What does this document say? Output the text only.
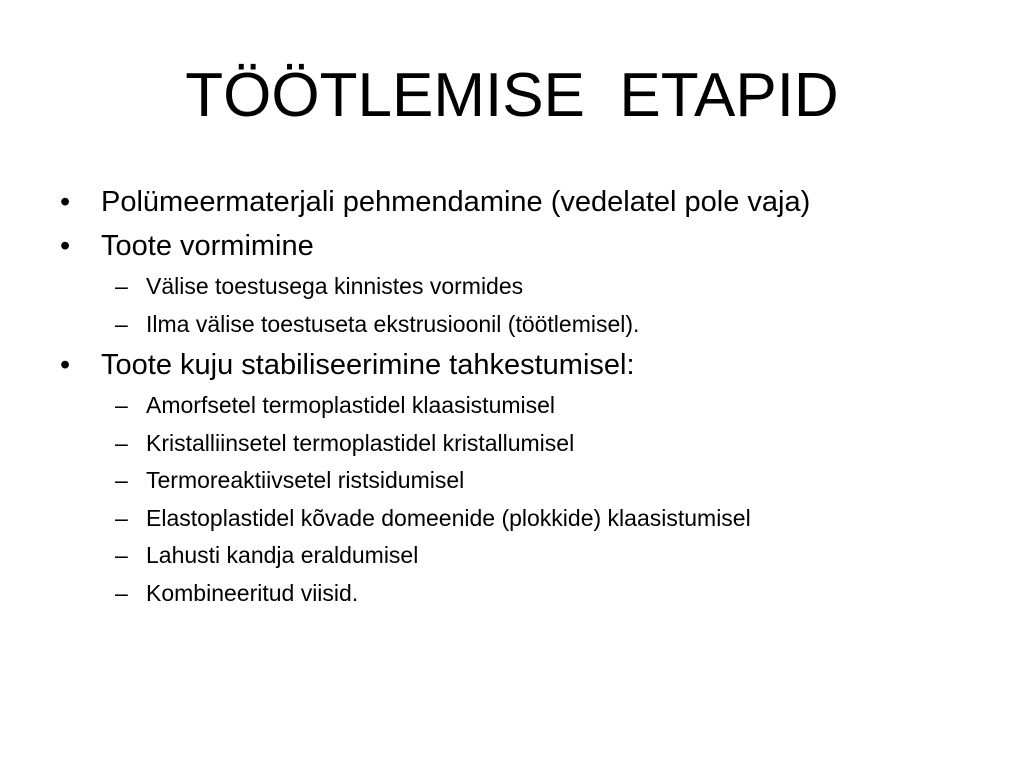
TÖÖTLEMISE  ETAPID
•	Polümeermaterjali pehmendamine (vedelatel pole vaja)
•	Toote vormimine
– Välise toestusega kinnistes vormides
– Ilma välise toestuseta ekstrusioonil (töötlemisel).
•	Toote kuju stabiliseerimine tahkestumisel:
– Amorfsetel termoplastidel klaasistumisel
– Kristalliinsetel termoplastidel kristallumisel
– Termoreaktiivsetel ristsidumisel
– Elastoplastidel kõvade domeenide (plokkide) klaasistumisel
– Lahusti kandja eraldumisel
– Kombineeritud viisid.
